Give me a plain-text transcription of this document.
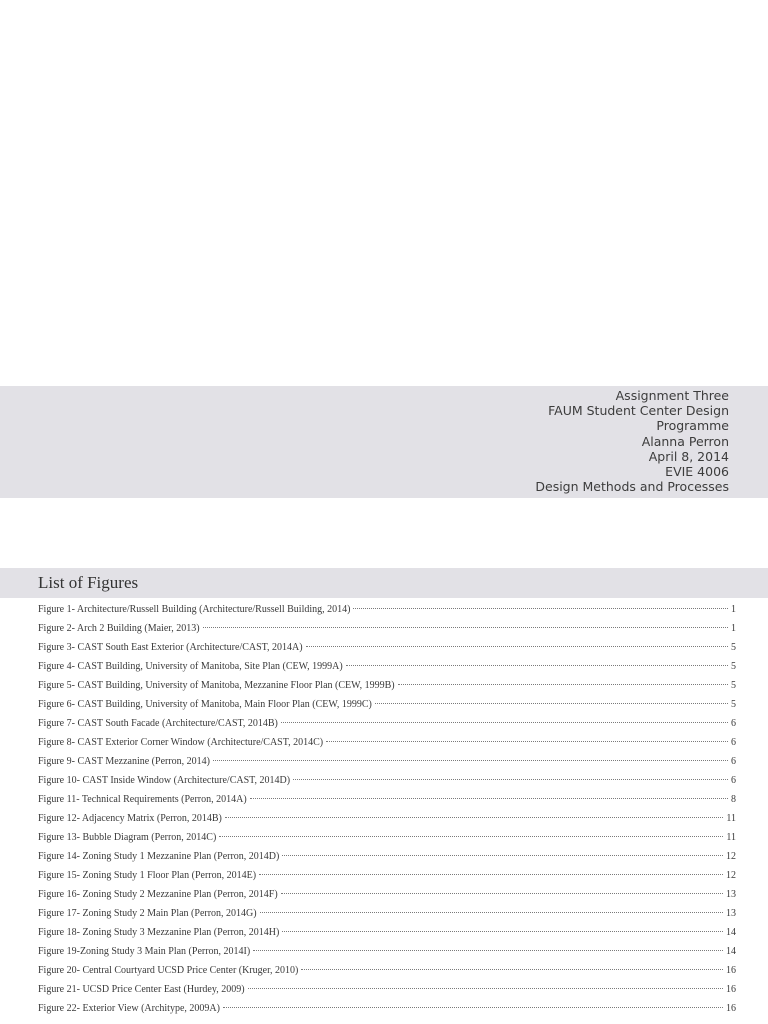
Assignment Three
FAUM Student Center Design
Programme
Alanna Perron
April 8, 2014
EVIE 4006
Design Methods and Processes
List of Figures
Figure 1- Architecture/Russell Building (Architecture/Russell Building, 2014)	1
Figure 2- Arch 2 Building (Maier, 2013)	1
Figure 3- CAST South East Exterior (Architecture/CAST, 2014A)	5
Figure 4- CAST Building, University of Manitoba, Site Plan (CEW, 1999A)	5
Figure 5- CAST Building, University of Manitoba, Mezzanine Floor Plan (CEW, 1999B)	5
Figure 6- CAST Building, University of Manitoba, Main Floor Plan (CEW, 1999C)	5
Figure 7- CAST South Facade (Architecture/CAST, 2014B)	6
Figure 8- CAST Exterior Corner Window (Architecture/CAST, 2014C)	6
Figure 9- CAST Mezzanine (Perron, 2014)	6
Figure 10- CAST Inside Window (Architecture/CAST, 2014D)	6
Figure 11- Technical Requirements (Perron, 2014A)	8
Figure 12- Adjacency Matrix (Perron, 2014B)	11
Figure 13- Bubble Diagram (Perron, 2014C)	11
Figure 14- Zoning Study 1 Mezzanine Plan (Perron, 2014D)	12
Figure 15- Zoning Study 1 Floor Plan (Perron, 2014E)	12
Figure 16- Zoning Study 2 Mezzanine Plan (Perron, 2014F)	13
Figure 17- Zoning Study 2 Main Plan (Perron, 2014G)	13
Figure 18- Zoning Study 3 Mezzanine Plan (Perron, 2014H)	14
Figure 19-Zoning Study 3 Main Plan (Perron, 2014I)	14
Figure 20- Central Courtyard UCSD Price Center (Kruger, 2010)	16
Figure 21- UCSD Price Center East (Hurdey, 2009)	16
Figure 22- Exterior View (Architype, 2009A)	16
